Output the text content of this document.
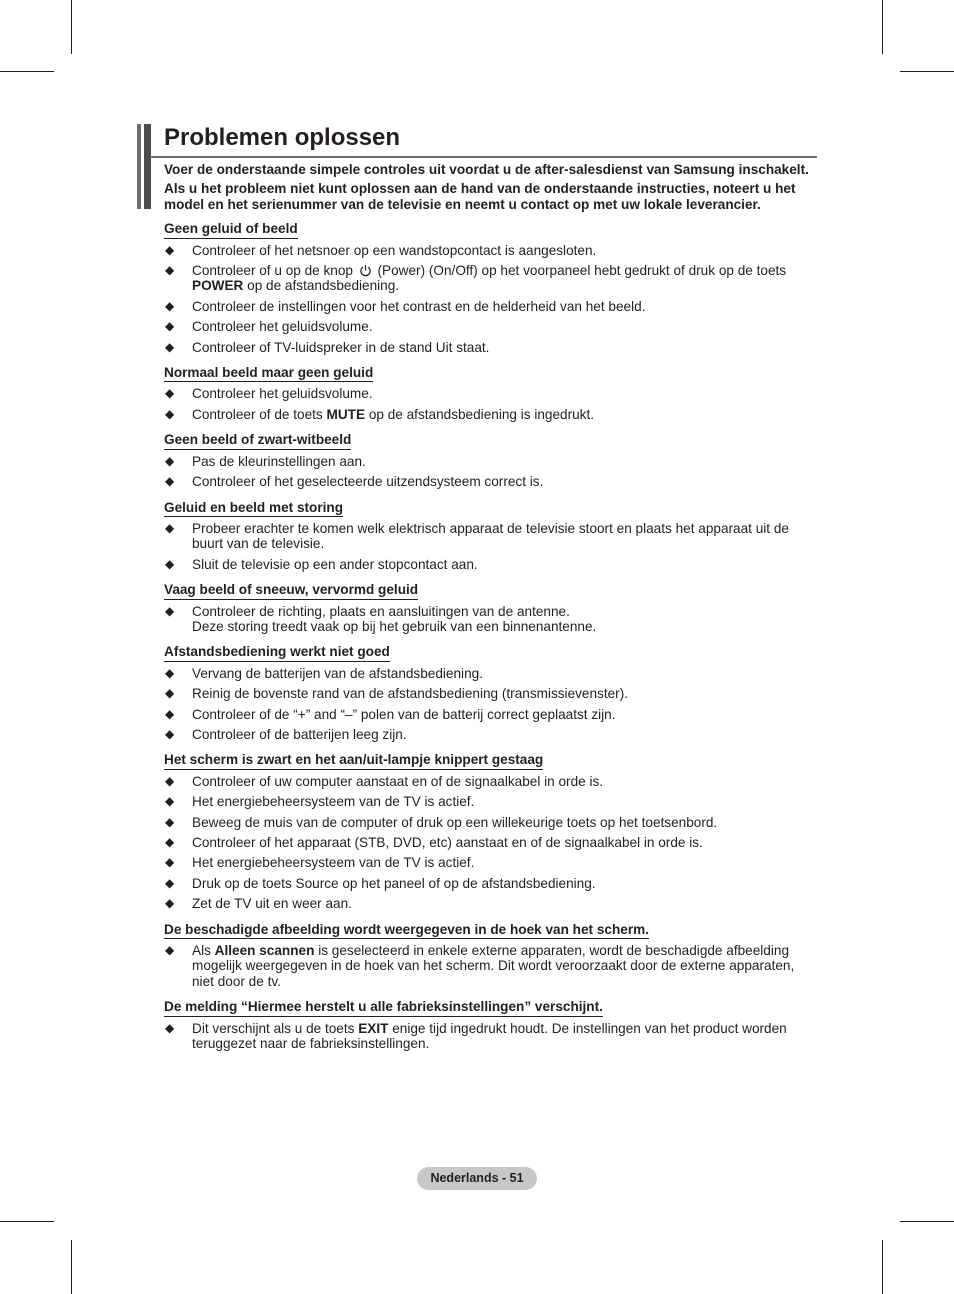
Problemen oplossen

Voer de onderstaande simpele controles uit voordat u de after-salesdienst van Samsung inschakelt.

Als u het probleem niet kunt oplossen aan de hand van de onderstaande instructies, noteert u het model en het serienummer van de televisie en neemt u contact op met uw lokale leverancier.

Geen geluid of beeld
◆ Controleer of het netsnoer op een wandstopcontact is aangesloten.
◆ Controleer of u op de knop (Power) (On/Off) op het voorpaneel hebt gedrukt of druk op de toets POWER op de afstandsbediening.
◆ Controleer de instellingen voor het contrast en de helderheid van het beeld.
◆ Controleer het geluidsvolume.
◆ Controleer of TV-luidspreker in de stand Uit staat.
Normaal beeld maar geen geluid
◆ Controleer het geluidsvolume.
◆ Controleer of de toets MUTE op de afstandsbediening is ingedrukt.
Geen beeld of zwart-witbeeld
◆ Pas de kleurinstellingen aan.
◆ Controleer of het geselecteerde uitzendsysteem correct is.
Geluid en beeld met storing
◆ Probeer erachter te komen welk elektrisch apparaat de televisie stoort en plaats het apparaat uit de buurt van de televisie.
◆ Sluit de televisie op een ander stopcontact aan.
Vaag beeld of sneeuw, vervormd geluid
◆ Controleer de richting, plaats en aansluitingen van de antenne.
Deze storing treedt vaak op bij het gebruik van een binnenantenne.
Afstandsbediening werkt niet goed
◆ Vervang de batterijen van de afstandsbediening.
◆ Reinig de bovenste rand van de afstandsbediening (transmissievenster).
◆ Controleer of de “+” and “–” polen van de batterij correct geplaatst zijn.
◆ Controleer of de batterijen leeg zijn.
Het scherm is zwart en het aan/uit-lampje knippert gestaag
◆ Controleer of uw computer aanstaat en of de signaalkabel in orde is.
◆ Het energiebeheersysteem van de TV is actief.
◆ Beweeg de muis van de computer of druk op een willekeurige toets op het toetsenbord.
◆ Controleer of het apparaat (STB, DVD, etc) aanstaat en of de signaalkabel in orde is.
◆ Het energiebeheersysteem van de TV is actief.
◆ Druk op de toets Source op het paneel of op de afstandsbediening.
◆ Zet de TV uit en weer aan.
De beschadigde afbeelding wordt weergegeven in de hoek van het scherm.
◆ Als Alleen scannen is geselecteerd in enkele externe apparaten, wordt de beschadigde afbeelding mogelijk weergegeven in de hoek van het scherm. Dit wordt veroorzaakt door de externe apparaten, niet door de tv.
De melding “Hiermee herstelt u alle fabrieksinstellingen” verschijnt.
◆ Dit verschijnt als u de toets EXIT enige tijd ingedrukt houdt. De instellingen van het product worden teruggezet naar de fabrieksinstellingen.
Nederlands - 51
